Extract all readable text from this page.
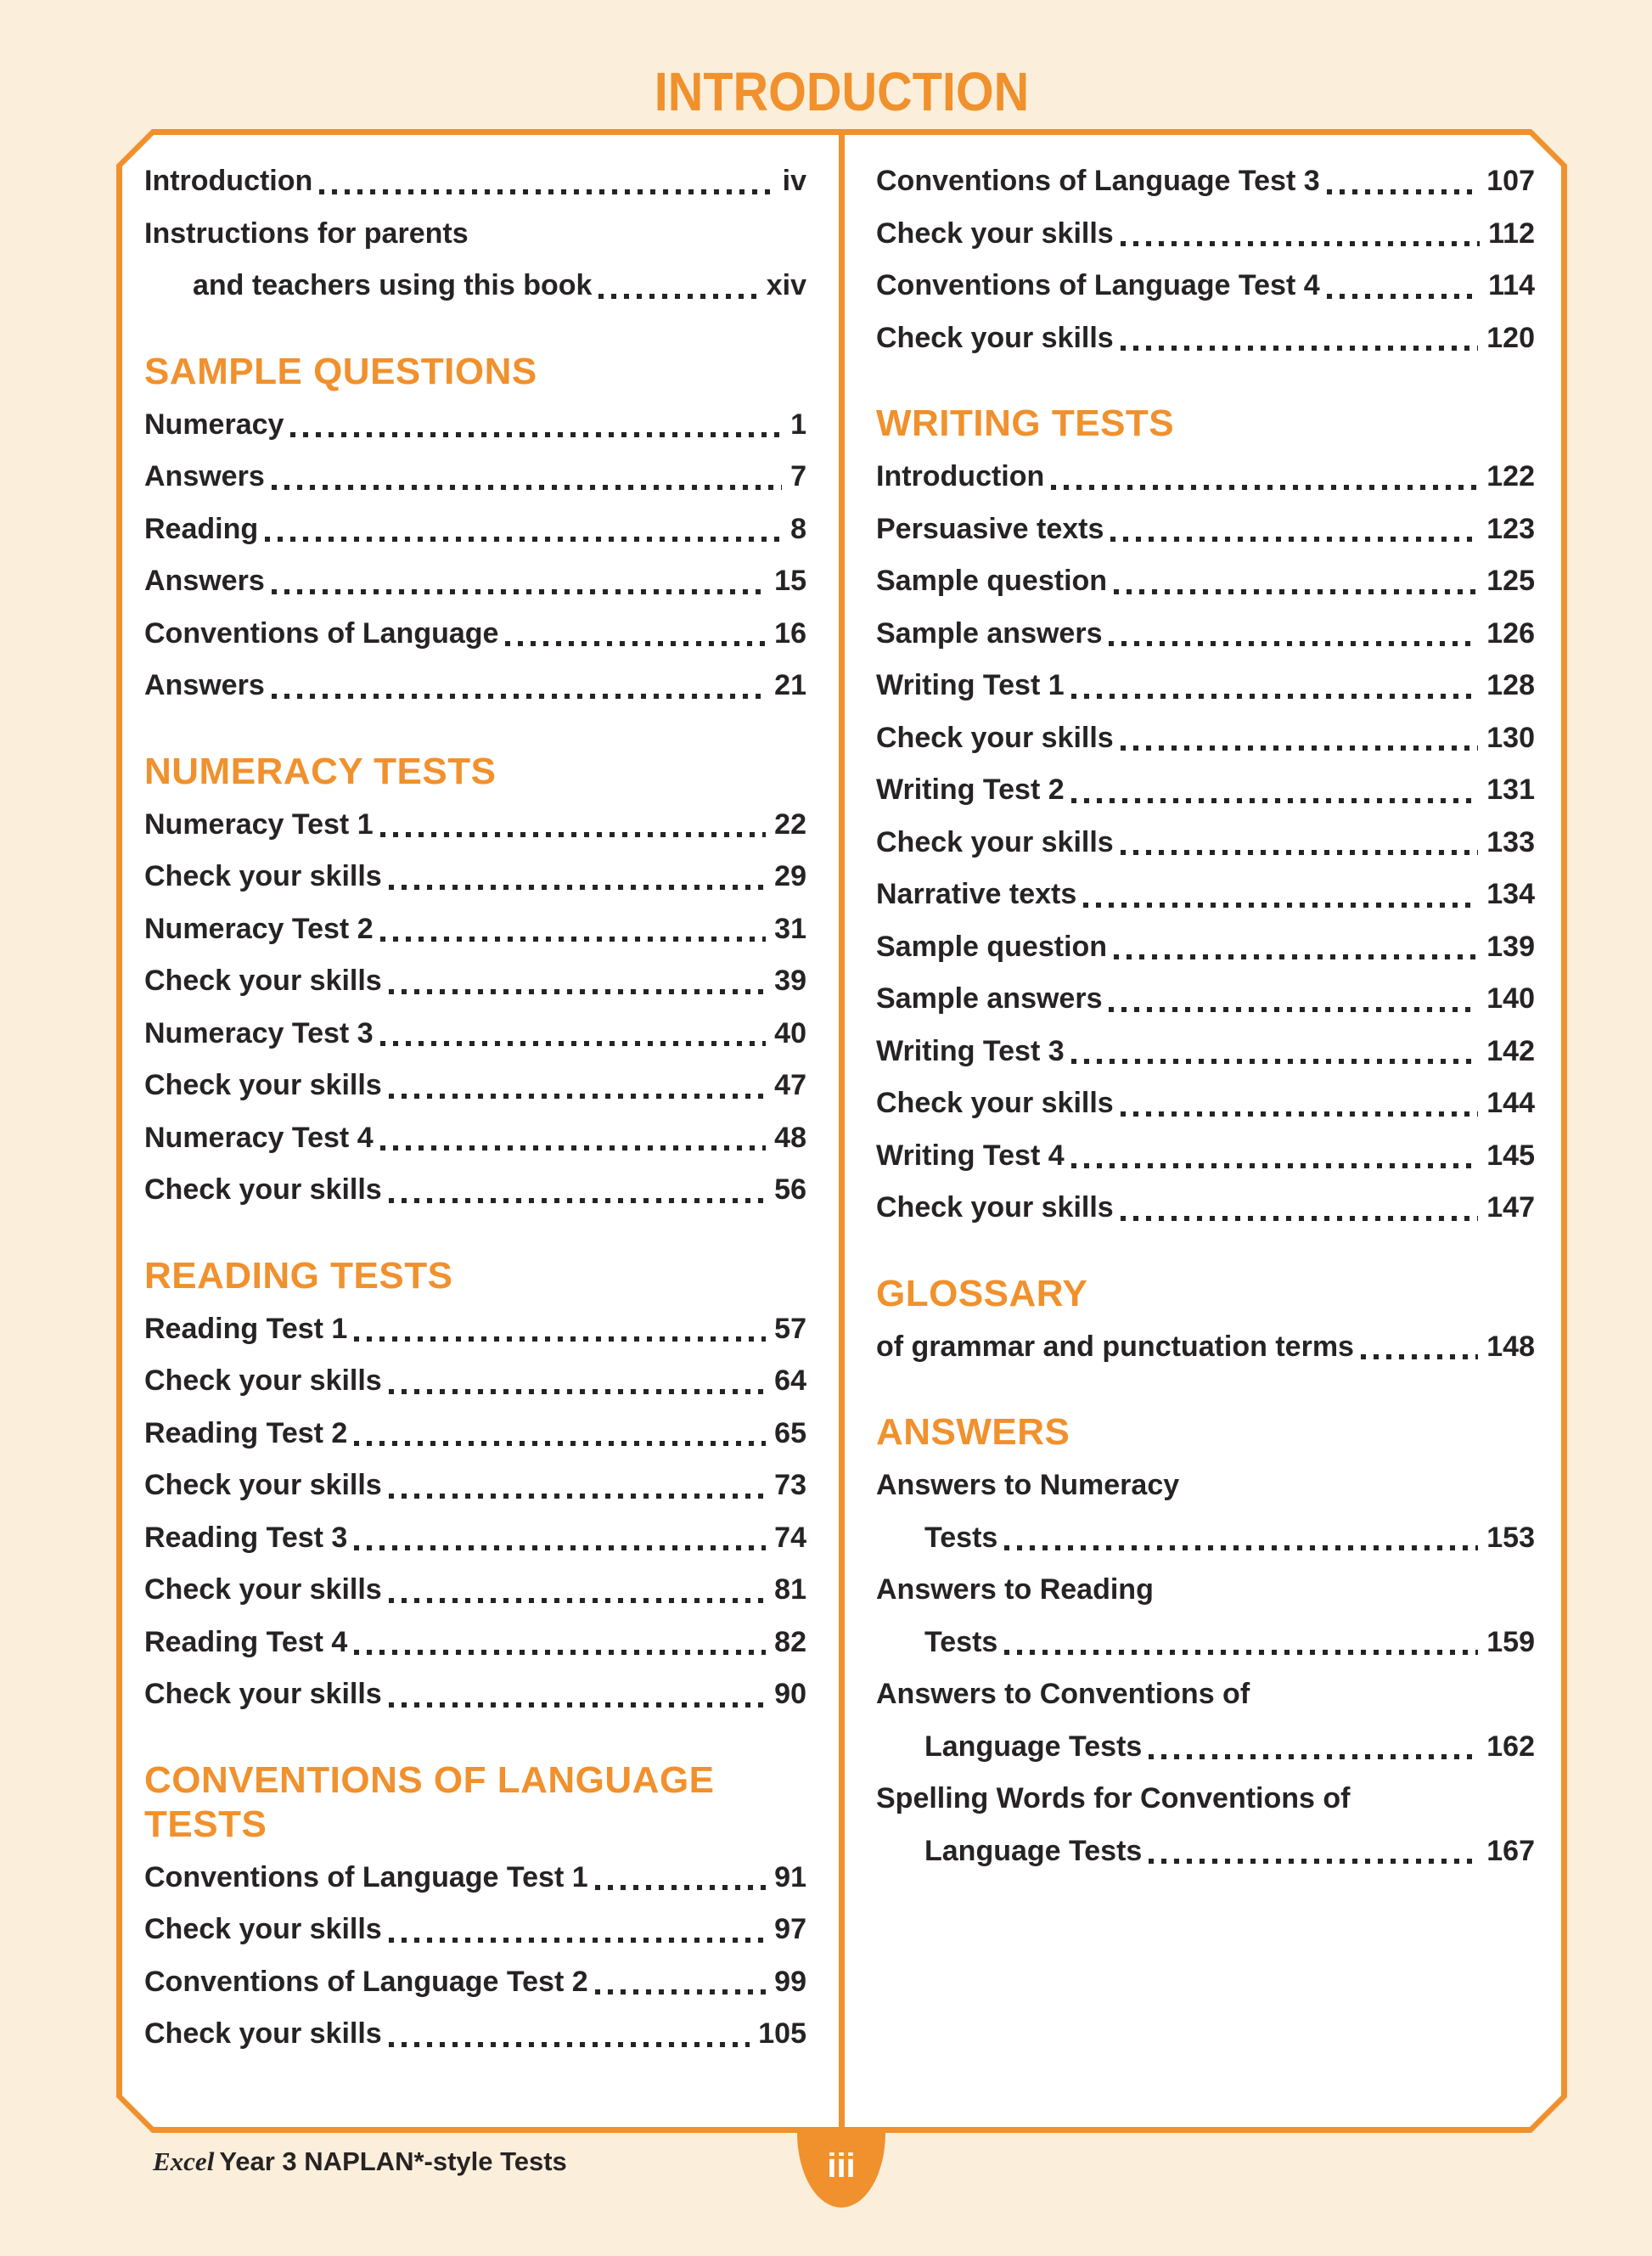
INTRODUCTION
Introduction	iv
Instructions for parents
and teachers using this book	xiv
SAMPLE QUESTIONS
Numeracy	1
Answers	7
Reading	8
Answers	15
Conventions of Language	16
Answers	21
NUMERACY TESTS
Numeracy Test 1	22
Check your skills	29
Numeracy Test 2	31
Check your skills	39
Numeracy Test 3	40
Check your skills	47
Numeracy Test 4	48
Check your skills	56
READING TESTS
Reading Test 1	57
Check your skills	64
Reading Test 2	65
Check your skills	73
Reading Test 3	74
Check your skills	81
Reading Test 4	82
Check your skills	90
CONVENTIONS OF LANGUAGE TESTS
Conventions of Language Test 1	91
Check your skills	97
Conventions of Language Test 2	99
Check your skills	105
Conventions of Language Test 3	107
Check your skills	112
Conventions of Language Test 4	114
Check your skills	120
WRITING TESTS
Introduction	122
Persuasive texts	123
Sample question	125
Sample answers	126
Writing Test 1	128
Check your skills	130
Writing Test 2	131
Check your skills	133
Narrative texts	134
Sample question	139
Sample answers	140
Writing Test 3	142
Check your skills	144
Writing Test 4	145
Check your skills	147
GLOSSARY
of grammar and punctuation terms	148
ANSWERS
Answers to Numeracy
Tests	153
Answers to Reading
Tests	159
Answers to Conventions of
Language Tests	162
Spelling Words for Conventions of
Language Tests	167
Excel Year 3 NAPLAN*-style Tests	iii
